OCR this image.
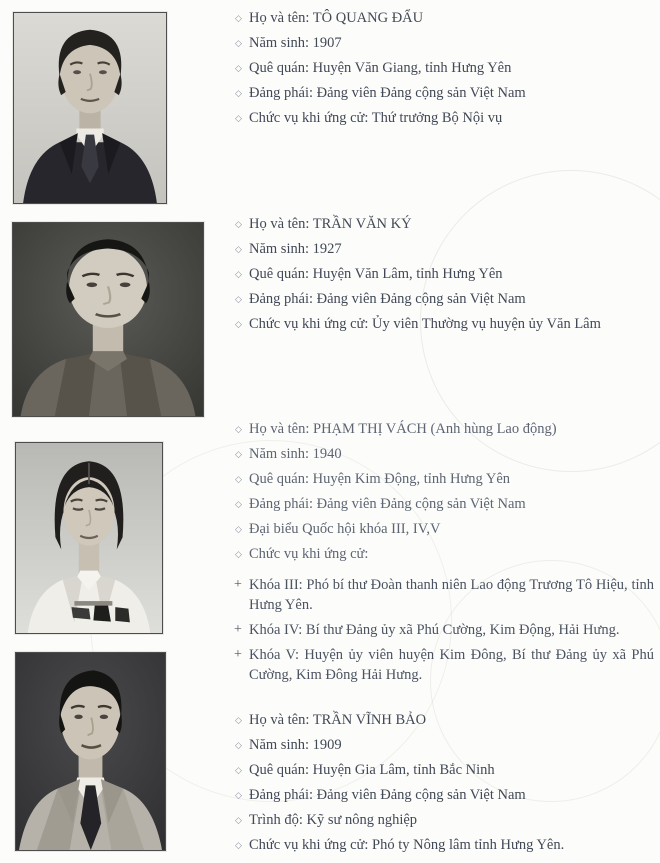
◇ Họ và tên: TÔ QUANG ĐẨU
◇ Năm sinh: 1907
◇ Quê quán: Huyện Văn Giang, tỉnh Hưng Yên
◇ Đảng phái: Đảng viên Đảng cộng sản Việt Nam
◇ Chức vụ khi ứng cử: Thứ trưởng Bộ Nội vụ
◇ Họ và tên: TRẦN VĂN KÝ
◇ Năm sinh: 1927
◇ Quê quán: Huyện Văn Lâm, tỉnh Hưng Yên
◇ Đảng phái: Đảng viên Đảng cộng sản Việt Nam
◇ Chức vụ khi ứng cử: Ủy viên Thường vụ huyện ủy Văn Lâm
◇ Họ và tên: PHẠM THỊ VÁCH (Anh hùng Lao động)
◇ Năm sinh: 1940
◇ Quê quán: Huyện Kim Động, tỉnh Hưng Yên
◇ Đảng phái: Đảng viên Đảng cộng sản Việt Nam
◇ Đại biểu Quốc hội khóa III, IV,V
◇ Chức vụ khi ứng cử:
+ Khóa III: Phó bí thư Đoàn thanh niên Lao động Trương Tô Hiệu, tỉnh Hưng Yên.
+ Khóa IV: Bí thư Đảng ủy xã Phú Cường, Kim Động, Hải Hưng.
+ Khóa V: Huyện ủy viên huyện Kim Đông, Bí thư Đảng ủy xã Phú Cường, Kim Đông Hải Hưng.
◇ Họ và tên: TRẦN VĨNH BẢO
◇ Năm sinh: 1909
◇ Quê quán: Huyện Gia Lâm, tỉnh Bắc Ninh
◇ Đảng phái: Đảng viên Đảng cộng sản Việt Nam
◇ Trình độ: Kỹ sư nông nghiệp
◇ Chức vụ khi ứng cử: Phó ty Nông lâm tỉnh Hưng Yên.
